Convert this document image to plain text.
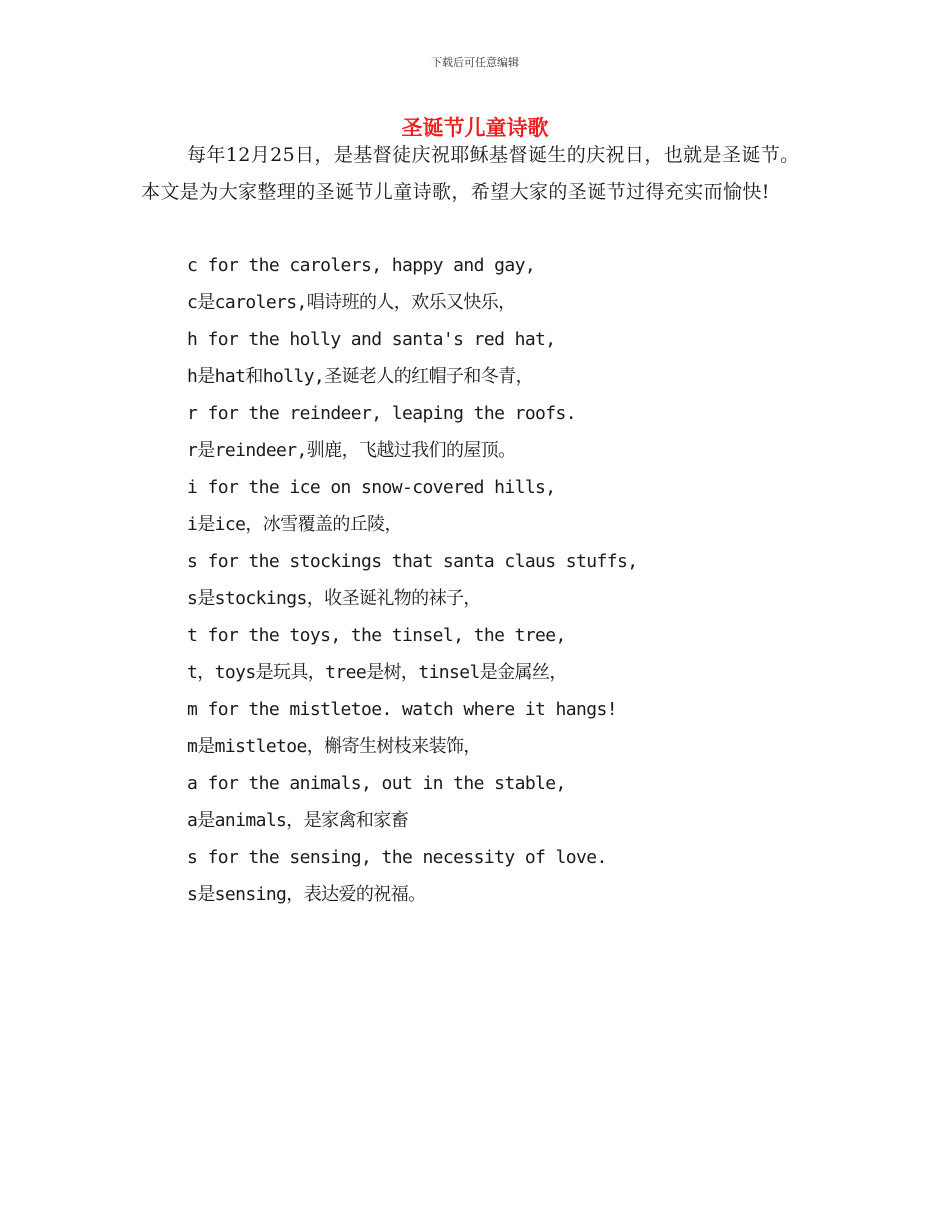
下载后可任意编辑
圣诞节儿童诗歌
每年12月25日，是基督徒庆祝耶稣基督诞生的庆祝日，也就是圣诞节。本文是为大家整理的圣诞节儿童诗歌，希望大家的圣诞节过得充实而愉快!
c for the carolers, happy and gay,
c是carolers,唱诗班的人，欢乐又快乐，
h for the holly and santa's red hat,
h是hat和holly,圣诞老人的红帽子和冬青，
r for the reindeer, leaping the roofs.
r是reindeer,驯鹿，飞越过我们的屋顶。
i for the ice on snow-covered hills,
i是ice，冰雪覆盖的丘陵，
s for the stockings that santa claus stuffs,
s是stockings，收圣诞礼物的袜子，
t for the toys, the tinsel, the tree,
t，toys是玩具，tree是树，tinsel是金属丝，
m for the mistletoe. watch where it hangs!
m是mistletoe，槲寄生树枝来装饰，
a for the animals, out in the stable,
a是animals，是家禽和家畜
s for the sensing, the necessity of love.
s是sensing，表达爱的祝福。
